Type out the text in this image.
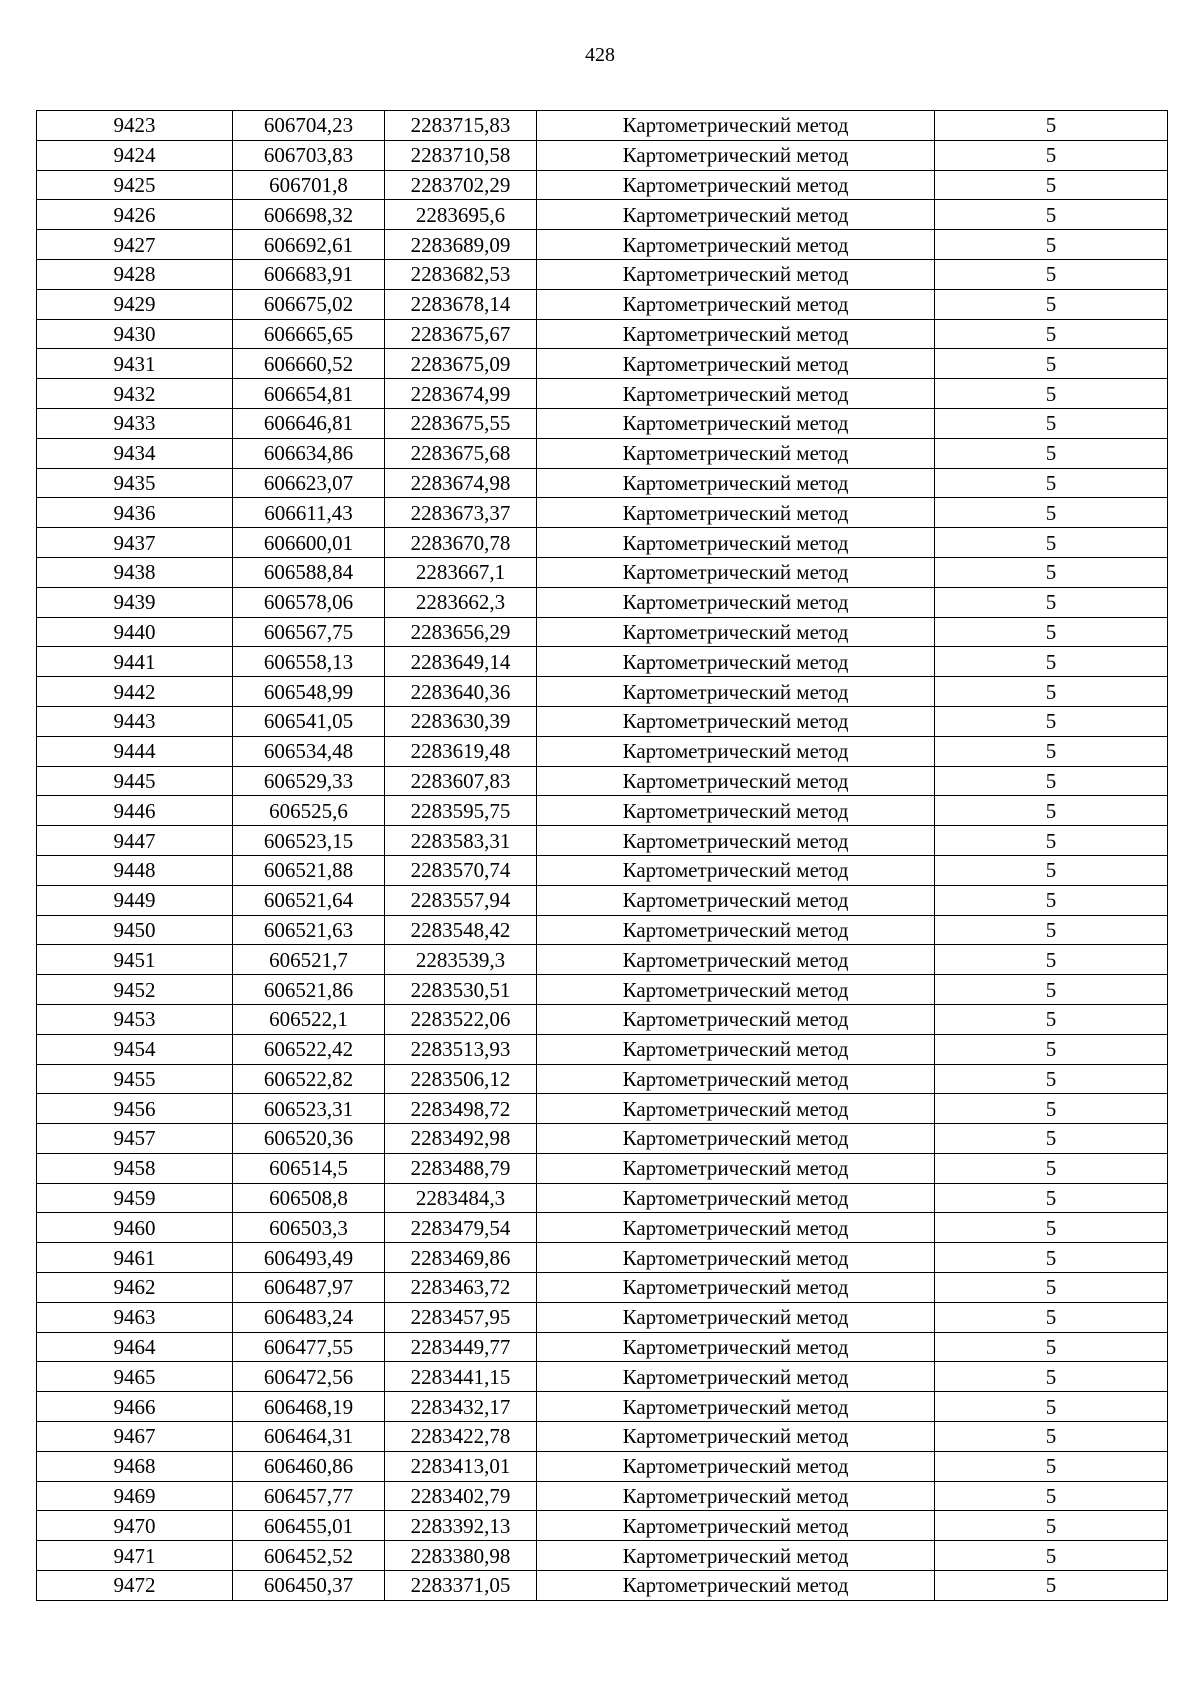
428
9423	606704,23	2283715,83	Картометрический метод	5
9424	606703,83	2283710,58	Картометрический метод	5
9425	606701,8	2283702,29	Картометрический метод	5
9426	606698,32	2283695,6	Картометрический метод	5
9427	606692,61	2283689,09	Картометрический метод	5
9428	606683,91	2283682,53	Картометрический метод	5
9429	606675,02	2283678,14	Картометрический метод	5
9430	606665,65	2283675,67	Картометрический метод	5
9431	606660,52	2283675,09	Картометрический метод	5
9432	606654,81	2283674,99	Картометрический метод	5
9433	606646,81	2283675,55	Картометрический метод	5
9434	606634,86	2283675,68	Картометрический метод	5
9435	606623,07	2283674,98	Картометрический метод	5
9436	606611,43	2283673,37	Картометрический метод	5
9437	606600,01	2283670,78	Картометрический метод	5
9438	606588,84	2283667,1	Картометрический метод	5
9439	606578,06	2283662,3	Картометрический метод	5
9440	606567,75	2283656,29	Картометрический метод	5
9441	606558,13	2283649,14	Картометрический метод	5
9442	606548,99	2283640,36	Картометрический метод	5
9443	606541,05	2283630,39	Картометрический метод	5
9444	606534,48	2283619,48	Картометрический метод	5
9445	606529,33	2283607,83	Картометрический метод	5
9446	606525,6	2283595,75	Картометрический метод	5
9447	606523,15	2283583,31	Картометрический метод	5
9448	606521,88	2283570,74	Картометрический метод	5
9449	606521,64	2283557,94	Картометрический метод	5
9450	606521,63	2283548,42	Картометрический метод	5
9451	606521,7	2283539,3	Картометрический метод	5
9452	606521,86	2283530,51	Картометрический метод	5
9453	606522,1	2283522,06	Картометрический метод	5
9454	606522,42	2283513,93	Картометрический метод	5
9455	606522,82	2283506,12	Картометрический метод	5
9456	606523,31	2283498,72	Картометрический метод	5
9457	606520,36	2283492,98	Картометрический метод	5
9458	606514,5	2283488,79	Картометрический метод	5
9459	606508,8	2283484,3	Картометрический метод	5
9460	606503,3	2283479,54	Картометрический метод	5
9461	606493,49	2283469,86	Картометрический метод	5
9462	606487,97	2283463,72	Картометрический метод	5
9463	606483,24	2283457,95	Картометрический метод	5
9464	606477,55	2283449,77	Картометрический метод	5
9465	606472,56	2283441,15	Картометрический метод	5
9466	606468,19	2283432,17	Картометрический метод	5
9467	606464,31	2283422,78	Картометрический метод	5
9468	606460,86	2283413,01	Картометрический метод	5
9469	606457,77	2283402,79	Картометрический метод	5
9470	606455,01	2283392,13	Картометрический метод	5
9471	606452,52	2283380,98	Картометрический метод	5
9472	606450,37	2283371,05	Картометрический метод	5
